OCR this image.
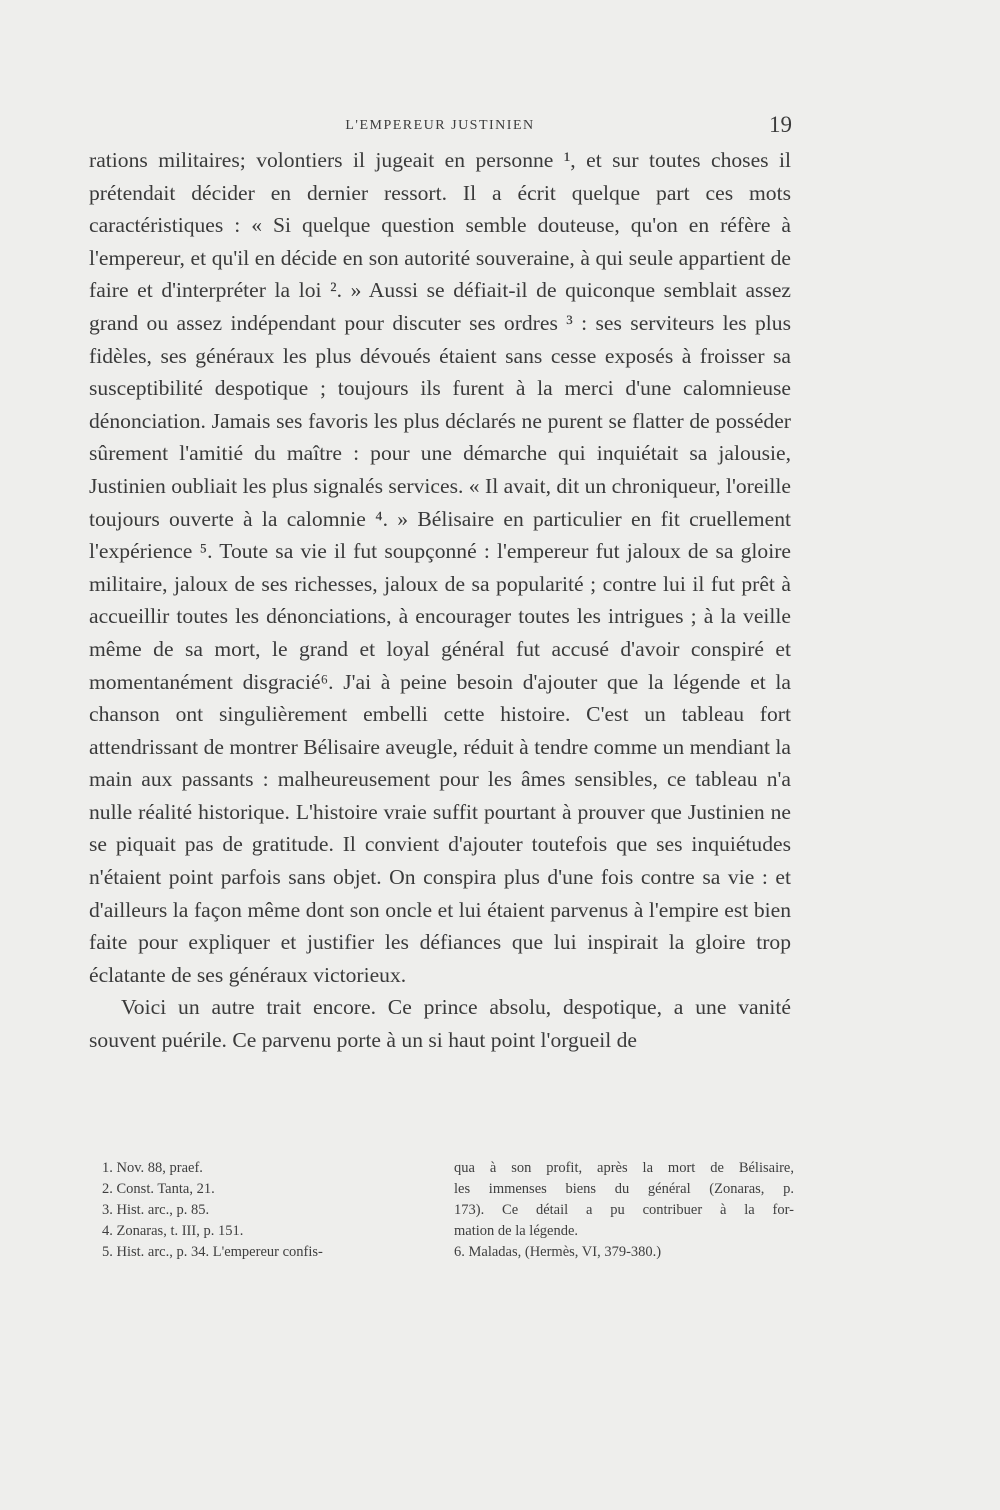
L'EMPEREUR JUSTINIEN	19

rations militaires; volontiers il jugeait en personne ¹, et sur toutes choses il prétendait décider en dernier ressort. Il a écrit quelque part ces mots caractéristiques : « Si quelque question semble douteuse, qu'on en réfère à l'empereur, et qu'il en décide en son autorité souveraine, à qui seule appartient de faire et d'interpréter la loi ². » Aussi se défiait-il de quiconque semblait assez grand ou assez indépendant pour discuter ses ordres ³ : ses serviteurs les plus fidèles, ses généraux les plus dévoués étaient sans cesse exposés à froisser sa susceptibilité despotique ; toujours ils furent à la merci d'une calomnieuse dénonciation. Jamais ses favoris les plus déclarés ne purent se flatter de posséder sûrement l'amitié du maître : pour une démarche qui inquiétait sa jalousie, Justinien oubliait les plus signalés services. « Il avait, dit un chroniqueur, l'oreille toujours ouverte à la calomnie ⁴. » Bélisaire en particulier en fit cruellement l'expérience ⁵. Toute sa vie il fut soupçonné : l'empereur fut jaloux de sa gloire militaire, jaloux de ses richesses, jaloux de sa popularité ; contre lui il fut prêt à accueillir toutes les dénonciations, à encourager toutes les intrigues ; à la veille même de sa mort, le grand et loyal général fut accusé d'avoir conspiré et momentanément disgracié⁶. J'ai à peine besoin d'ajouter que la légende et la chanson ont singulièrement embelli cette histoire. C'est un tableau fort attendrissant de montrer Bélisaire aveugle, réduit à tendre comme un mendiant la main aux passants : malheureusement pour les âmes sensibles, ce tableau n'a nulle réalité historique. L'histoire vraie suffit pourtant à prouver que Justinien ne se piquait pas de gratitude. Il convient d'ajouter toutefois que ses inquiétudes n'étaient point parfois sans objet. On conspira plus d'une fois contre sa vie : et d'ailleurs la façon même dont son oncle et lui étaient parvenus à l'empire est bien faite pour expliquer et justifier les défiances que lui inspirait la gloire trop éclatante de ses généraux victorieux.

Voici un autre trait encore. Ce prince absolu, despotique, a une vanité souvent puérile. Ce parvenu porte à un si haut point l'orgueil de

1. Nov. 88, praef.
2. Const. Tanta, 21.
3. Hist. arc., p. 85.
4. Zonaras, t. III, p. 151.
5. Hist. arc., p. 34. L'empereur confis-
qua à son profit, après la mort de Bélisaire,
les immenses biens du général (Zonaras, p.
173). Ce détail a pu contribuer à la for-
mation de la légende.
6. Maladas, (Hermès, VI, 379-380.)
